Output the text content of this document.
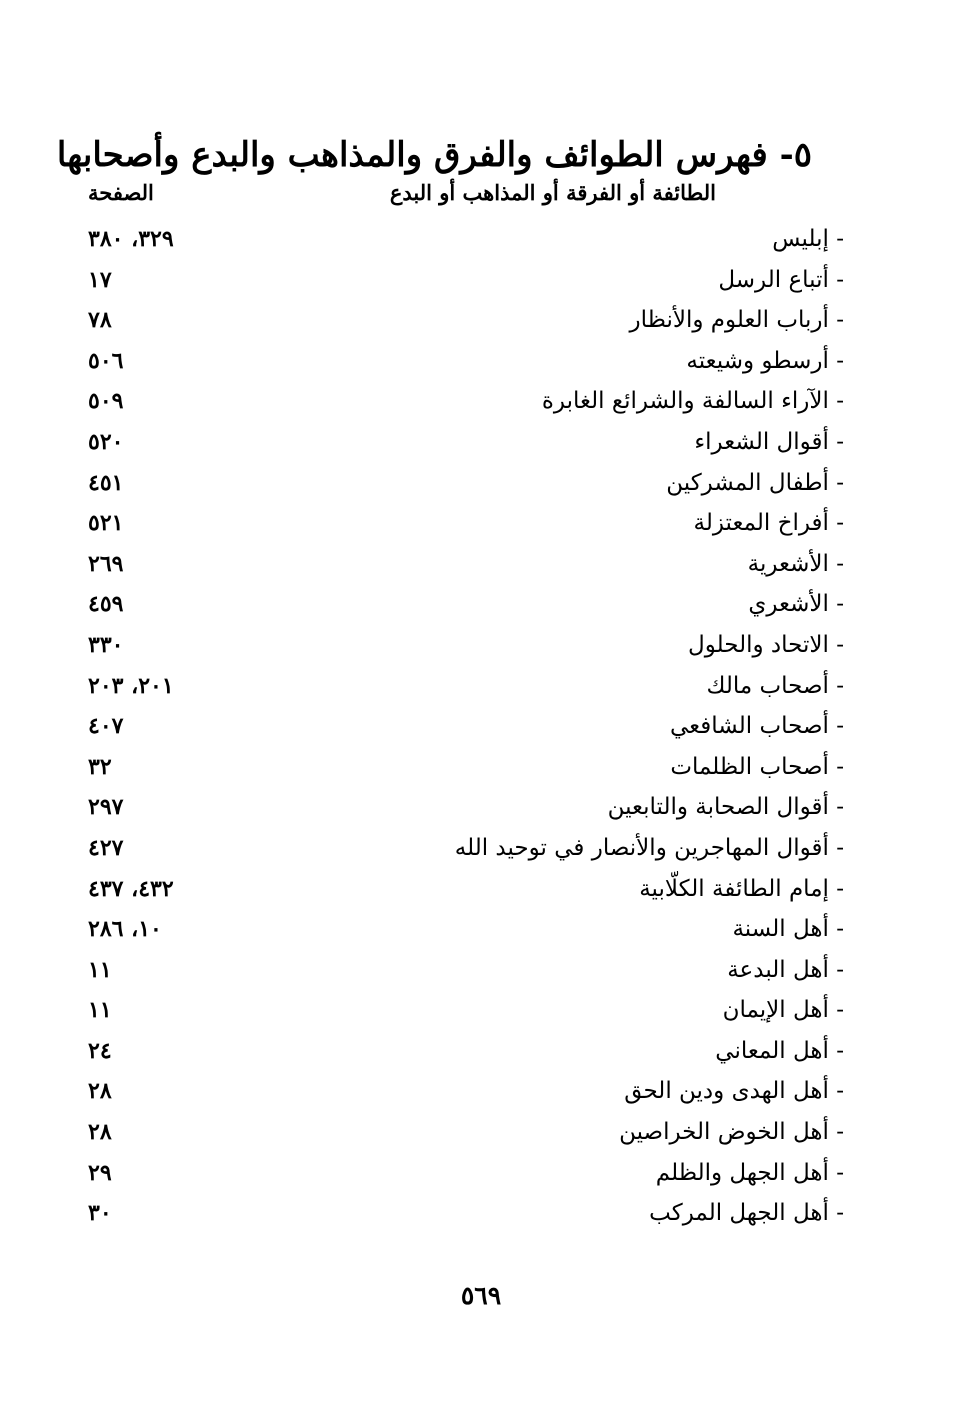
٥- فهرس الطوائف والفرق والمذاهب والبدع وأصحابها
الطائفة أو الفرقة أو المذاهب أو البدع
الصفحة
- إبليس
٣٢٩، ٣٨٠
- أتباع الرسل
١٧
- أرباب العلوم والأنظار
٧٨
- أرسطو وشيعته
٥٠٦
- الآراء السالفة والشرائع الغابرة
٥٠٩
- أقوال الشعراء
٥٢٠
- أطفال المشركين
٤٥١
- أفراخ المعتزلة
٥٢١
- الأشعرية
٢٦٩
- الأشعري
٤٥٩
- الاتحاد والحلول
٣٣٠
- أصحاب مالك
٢٠١، ٢٠٣
- أصحاب الشافعي
٤٠٧
- أصحاب الظلمات
٣٢
- أقوال الصحابة والتابعين
٢٩٧
- أقوال المهاجرين والأنصار في توحيد الله
٤٢٧
- إمام الطائفة الكلّابية
٤٣٢، ٤٣٧
- أهل السنة
١٠، ٢٨٦
- أهل البدعة
١١
- أهل الإيمان
١١
- أهل المعاني
٢٤
- أهل الهدى ودين الحق
٢٨
- أهل الخوض الخراصين
٢٨
- أهل الجهل والظلم
٢٩
- أهل الجهل المركب
٣٠
٥٦٩
